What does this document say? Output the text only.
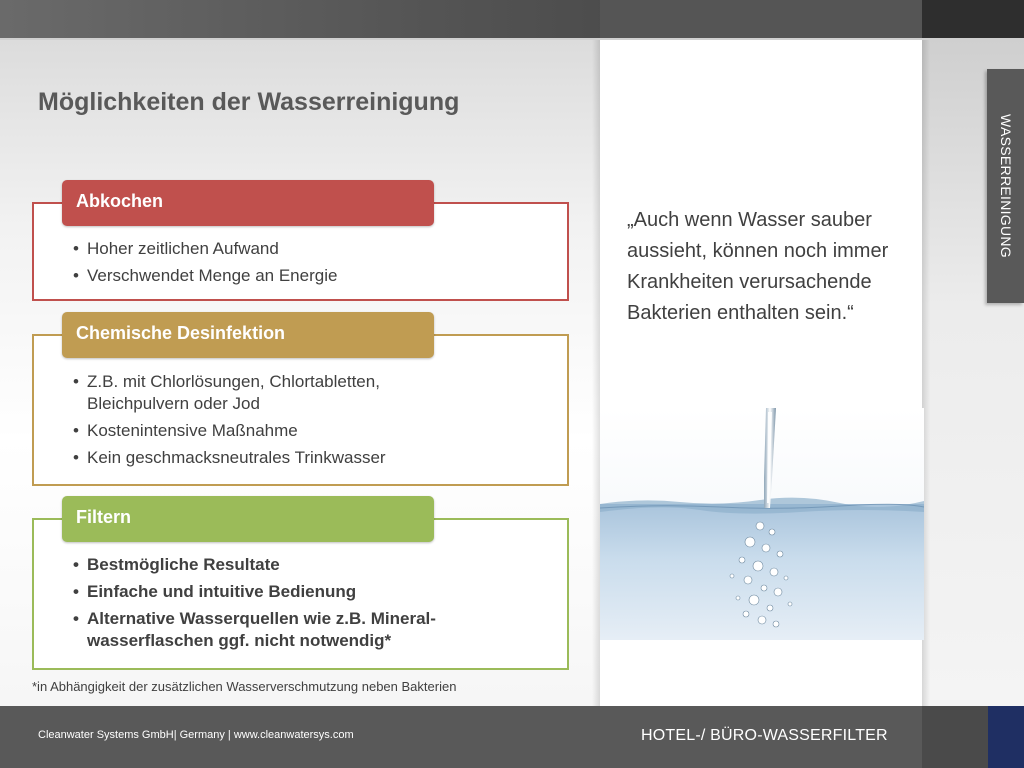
Möglichkeiten der Wasserreinigung
Abkochen
• Hoher zeitlichen Aufwand
• Verschwendet Menge an Energie
Chemische Desinfektion
• Z.B. mit Chlorlösungen, Chlortabletten, Bleichpulvern oder Jod
• Kostenintensive Maßnahme
• Kein geschmacksneutrales Trinkwasser
Filtern
• Bestmögliche Resultate
• Einfache und intuitive Bedienung
• Alternative Wasserquellen wie z.B. Mineral-wasserflaschen ggf. nicht notwendig*
*in Abhängigkeit der zusätzlichen Wasserverschmutzung neben Bakterien
„Auch wenn Wasser sauber aussieht, können noch immer Krankheiten verursachende Bakterien enthalten sein.“
WASSERREINIGUNG
Cleanwater Systems GmbH| Germany | www.cleanwatersys.com	HOTEL-/ BÜRO-WASSERFILTER
